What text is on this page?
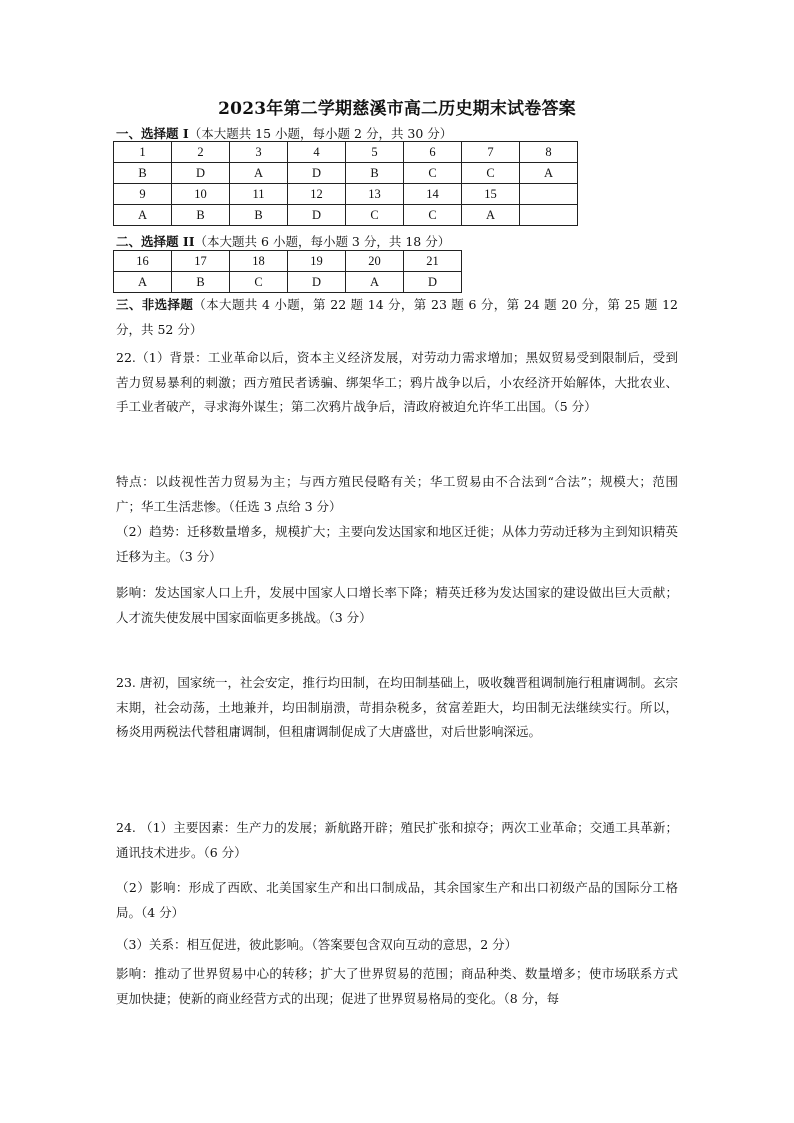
2023年第二学期慈溪市高二历史期末试卷答案
一、选择题 I（本大题共 15 小题，每小题 2 分，共 30 分）
1	2	3	4	5	6	7	8
B	D	A	D	B	C	C	A
9	10	11	12	13	14	15	
A	B	B	D	C	C	A	
二、选择题 II（本大题共 6 小题，每小题 3 分，共 18 分）
16	17	18	19	20	21
A	B	C	D	A	D

三、非选择题（本大题共 4 小题，第 22 题 14 分，第 23 题 6 分，第 24 题 20 分，第 25 题 12 分，共 52 分）

22.（1）背景：工业革命以后，资本主义经济发展，对劳动力需求增加；黑奴贸易受到限制后，受到苦力贸易暴利的刺激；西方殖民者诱骗、绑架华工；鸦片战争以后，小农经济开始解体，大批农业、手工业者破产，寻求海外谋生；第二次鸦片战争后，清政府被迫允许华工出国。（5 分）

特点：以歧视性苦力贸易为主；与西方殖民侵略有关；华工贸易由不合法到“合法”；规模大；范围广；华工生活悲惨。（任选 3 点给 3 分）

（2）趋势：迁移数量增多，规模扩大；主要向发达国家和地区迁徙；从体力劳动迁移为主到知识精英迁移为主。（3 分）

影响：发达国家人口上升，发展中国家人口增长率下降；精英迁移为发达国家的建设做出巨大贡献；人才流失使发展中国家面临更多挑战。（3 分）

23. 唐初，国家统一，社会安定，推行均田制，在均田制基础上，吸收魏晋租调制施行租庸调制。玄宗末期，社会动荡，土地兼并，均田制崩溃，苛捐杂税多，贫富差距大，均田制无法继续实行。所以，杨炎用两税法代替租庸调制，但租庸调制促成了大唐盛世，对后世影响深远。

24. （1）主要因素：生产力的发展；新航路开辟；殖民扩张和掠夺；两次工业革命；交通工具革新；通讯技术进步。（6 分）

（2）影响：形成了西欧、北美国家生产和出口制成品，其余国家生产和出口初级产品的国际分工格局。（4 分）

（3）关系：相互促进，彼此影响。（答案要包含双向互动的意思，2 分）

影响：推动了世界贸易中心的转移；扩大了世界贸易的范围；商品种类、数量增多；使市场联系方式更加快捷；使新的商业经营方式的出现；促进了世界贸易格局的变化。（8 分，每
